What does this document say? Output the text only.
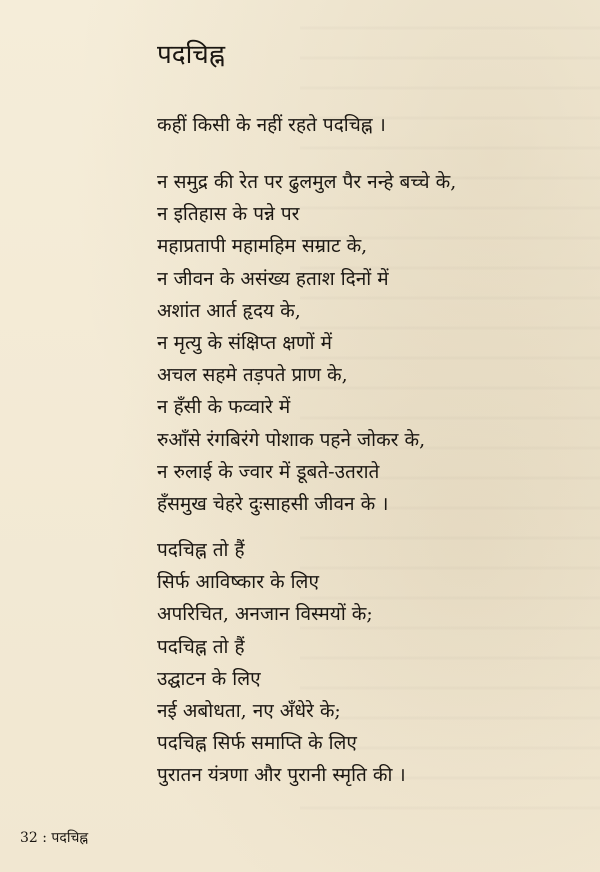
पदचिह्न
कहीं किसी के नहीं रहते पदचिह्न ।
न समुद्र की रेत पर ढुलमुल पैर नन्हे बच्चे के,
न इतिहास के पन्ने पर
महाप्रतापी महामहिम सम्राट के,
न जीवन के असंख्य हताश दिनों में
अशांत आर्त हृदय के,
न मृत्यु के संक्षिप्त क्षणों में
अचल सहमे तड़पते प्राण के,
न हँसी के फव्वारे में
रुआँसे रंगबिरंगे पोशाक पहने जोकर के,
न रुलाई के ज्वार में डूबते-उतराते
हँसमुख चेहरे दुःसाहसी जीवन के ।
पदचिह्न तो हैं
सिर्फ आविष्कार के लिए
अपरिचित, अनजान विस्मयों के;
पदचिह्न तो हैं
उद्घाटन के लिए
नई अबोधता, नए अँधेरे के;
पदचिह्न सिर्फ समाप्ति के लिए
पुरातन यंत्रणा और पुरानी स्मृति की ।
32 : पदचिह्न
